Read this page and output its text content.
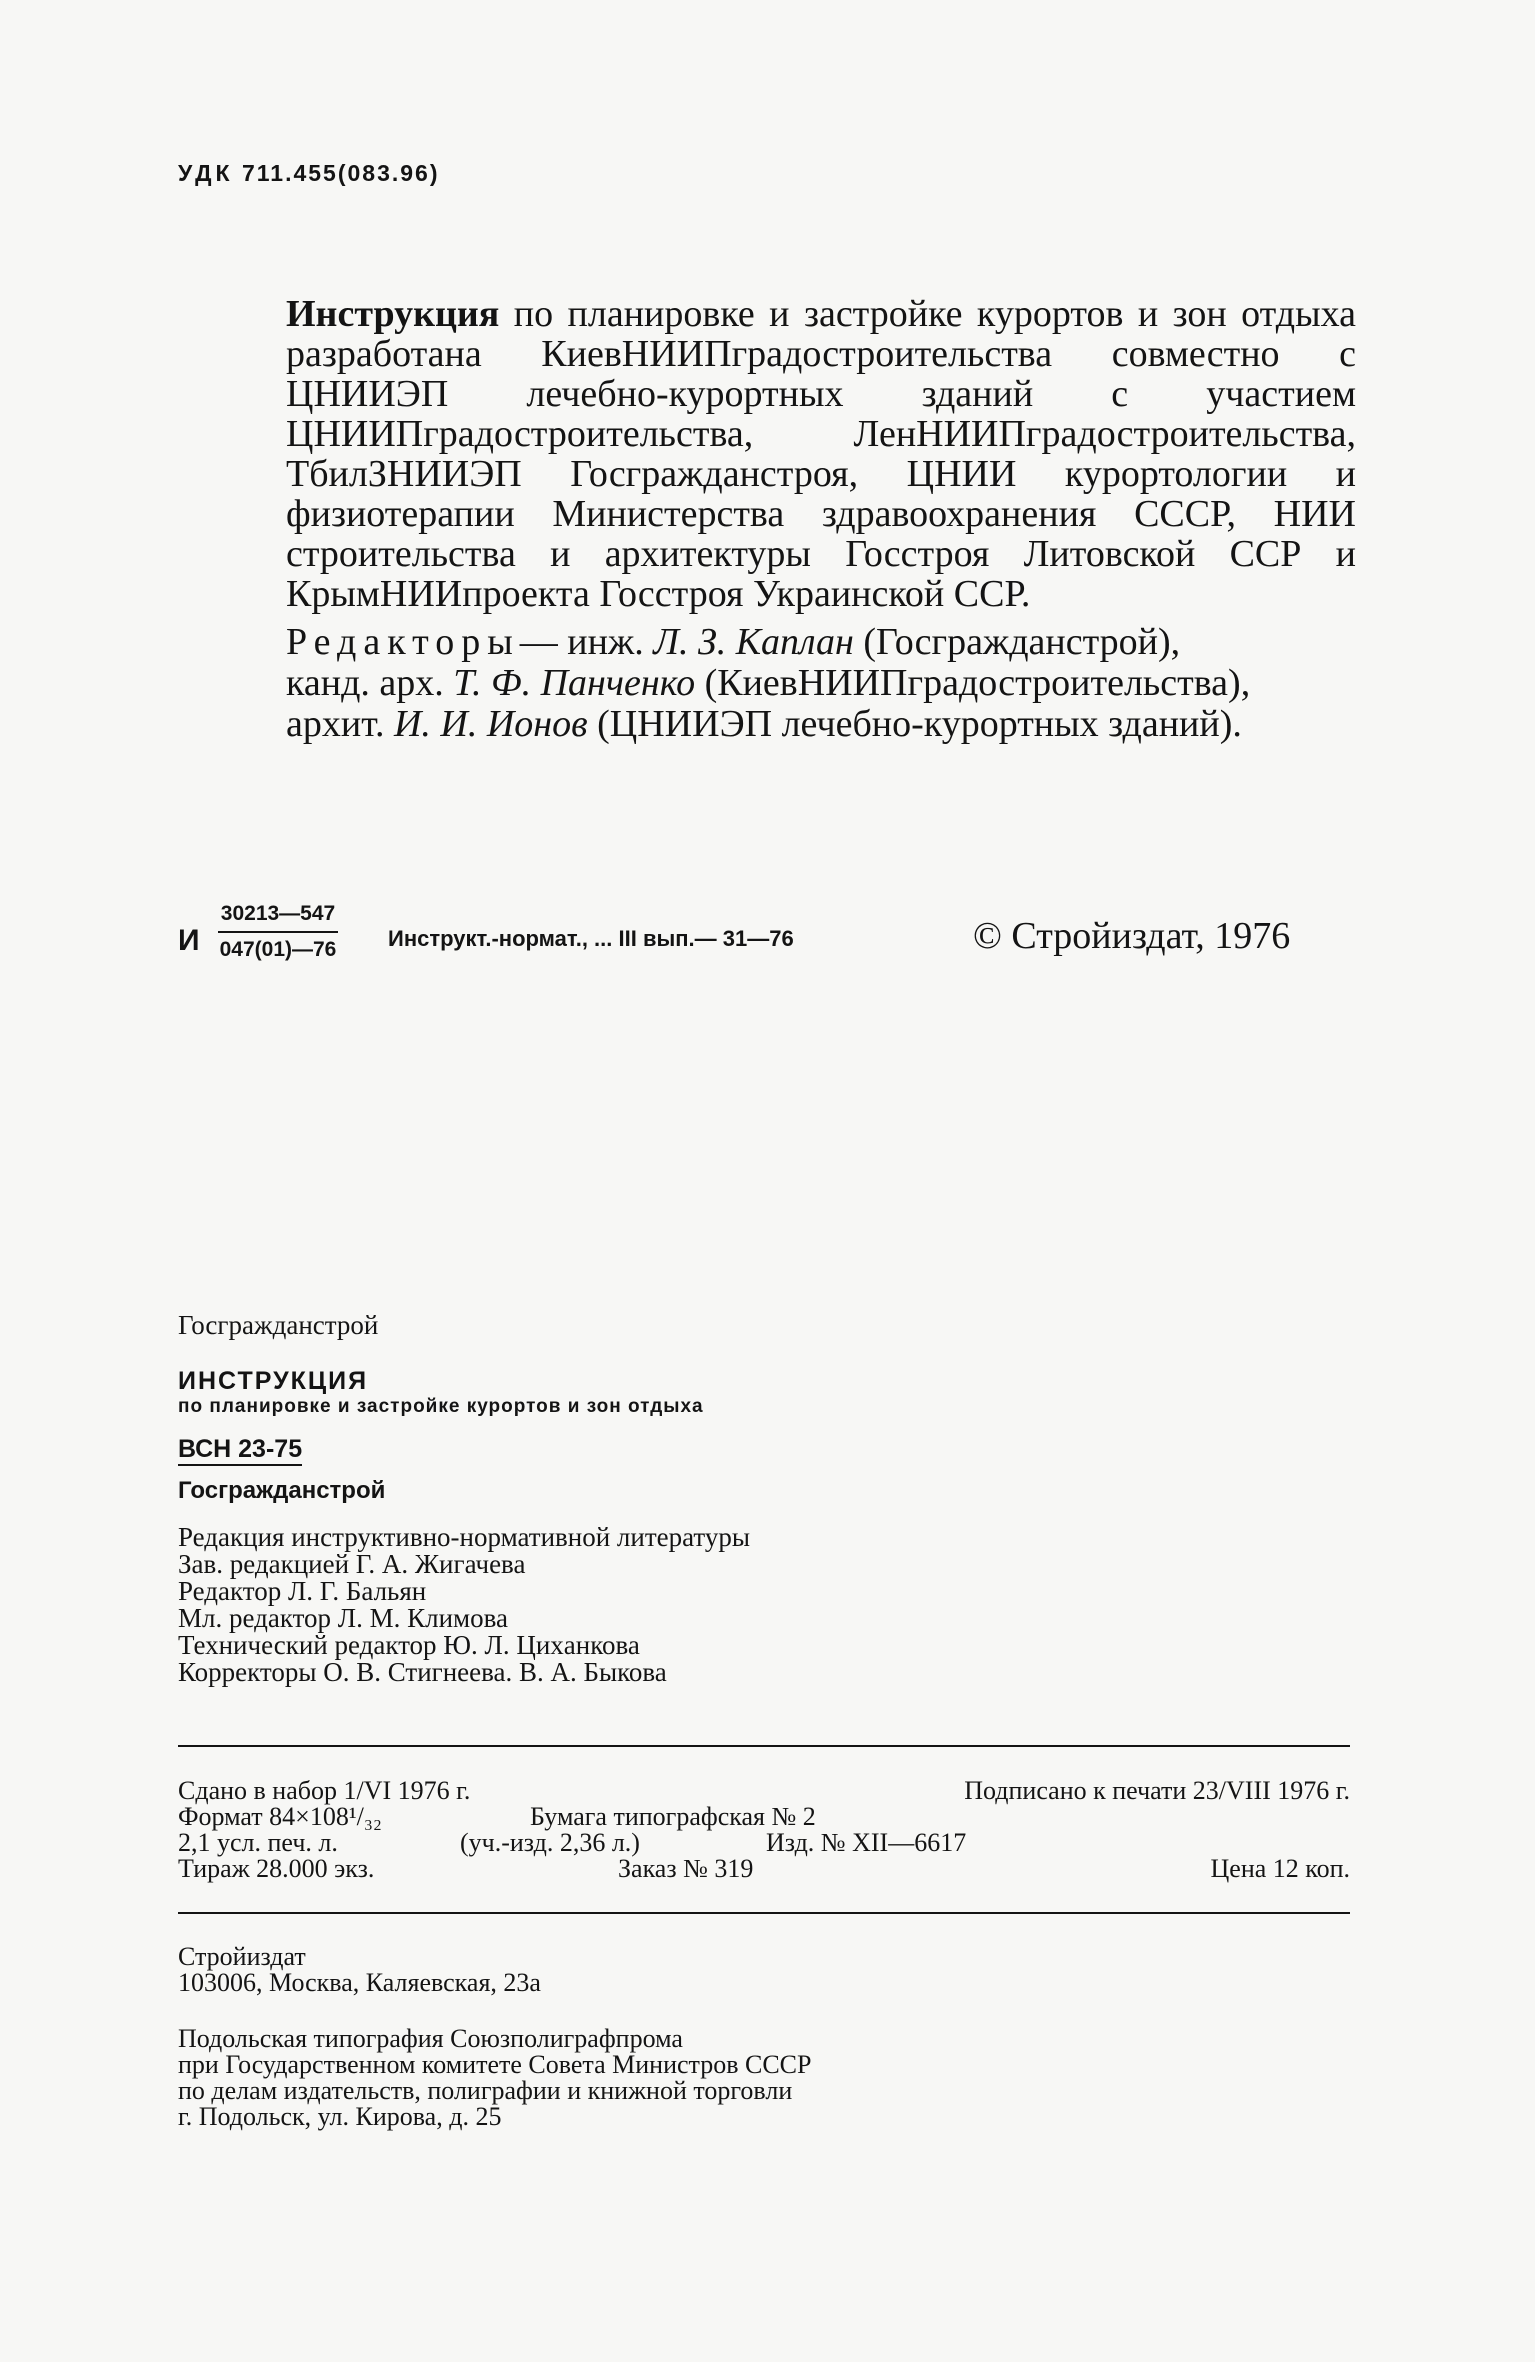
УДК 711.455(083.96)
Инструкция по планировке и застройке курортов и зон отдыха разработана КиевНИИПградостроительства совместно с ЦНИИЭП лечебно-курортных зданий с участием ЦНИИПградостроительства, ЛенНИИПградостроительства, ТбилЗНИИЭП Госгражданстроя, ЦНИИ курортологии и физиотерапии Министерства здравоохранения СССР, НИИ строительства и архитектуры Госстроя Литовской ССР и КрымНИИпроекта Госстроя Украинской ССР.
Редакторы— инж. Л. З. Каплан (Госгражданстрой),
канд. арх. Т. Ф. Панченко (КиевНИИПградостроительства),
архит. И. И. Ионов (ЦНИИЭП лечебно-курортных зданий).
И $\frac{30213—547}{047(01)—76}$ Инструкт.-нормат., ... III вып.— 31—76	© Стройиздат, 1976
Госгражданстрой
ИНСТРУКЦИЯ
по планировке и застройке курортов и зон отдыха
ВСН 23-75
Госгражданстрой
Редакция инструктивно-нормативной литературы
Зав. редакцией Г. А. Жигачева
Редактор Л. Г. Бальян
Мл. редактор Л. М. Климова
Технический редактор Ю. Л. Цихaнкова
Корректоры О. В. Стигнеева. В. А. Быкова
Сдано в набор 1/VI 1976 г.	Подписано к печати 23/VIII 1976 г.
Формат 84×108¹/₃₂	Бумага типографская № 2
2,1 усл. печ. л.	(уч.-изд. 2,36 л.)	Изд. № XII—6617
Тираж 28.000 экз.	Заказ № 319	Цена 12 коп.
Стройиздат
103006, Москва, Каляевская, 23а
Подольская типография Союзполиграфпрома
при Государственном комитете Совета Министров СССР
по делам издательств, полиграфии и книжной торговли
г. Подольск, ул. Кирова, д. 25
